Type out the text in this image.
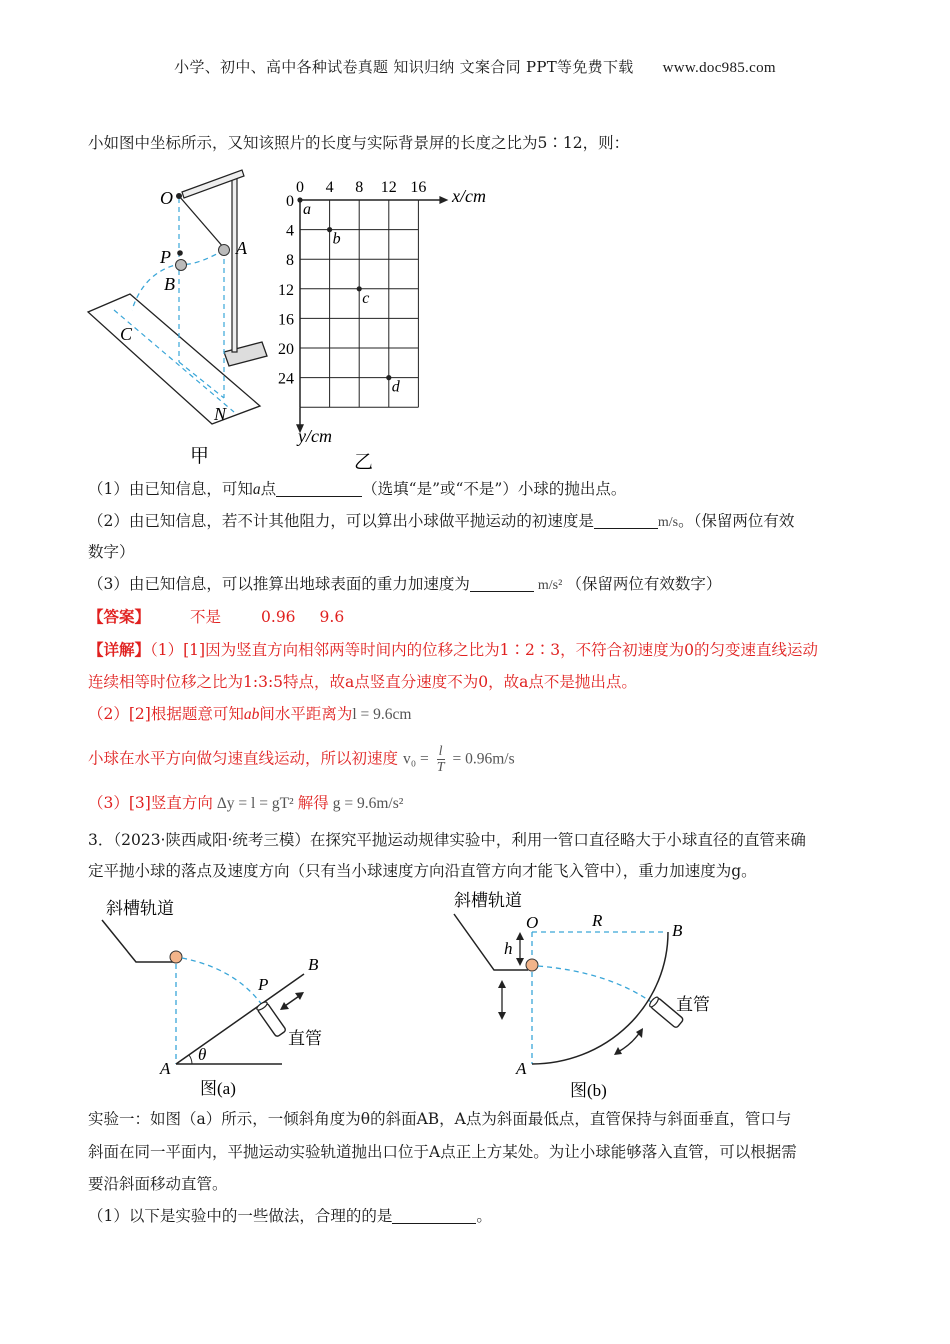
小学、初中、高中各种试卷真题 知识归纳 文案合同 PPT等免费下载 www.doc985.com
小如图中坐标所示，又知该照片的长度与实际背景屏的长度之比为5∶12，则：
O
P
B
A
C
N
甲
0 4 8 12 16
4
8
12
16
20
24
0 a
b
c
d
x/cm
y/cm
乙
（1）由已知信息，可知a点	（选填“是”或“不是”）小球的抛出点。
（2）由已知信息，若不计其他阻力，可以算出小球做平抛运动的初速度是	m/s。（保留两位有效
数字）
（3）由已知信息，可以推算出地球表面的重力加速度为	m/s² （保留两位有效数字）
【答案】	不是	0.96 9.6
【详解】（1）[1]因为竖直方向相邻两等时间内的位移之比为1∶2∶3，不符合初速度为0的匀变速直线运动
连续相等时位移之比为1:3:5特点，故a点竖直分速度不为0，故a点不是抛出点。
（2）[2]根据题意可知ab间水平距离为l = 9.6cm
小球在水平方向做匀速直线运动，所以初速度 $v_0 = \frac{l}{T} = 0.96m/s$
（3）[3]竖直方向 Δy = l = gT² 解得 g = 9.6m/s²
3．（2023·陕西咸阳·统考三模）在探究平抛运动规律实验中，利用一管口直径略大于小球直径的直管来确
定平抛小球的落点及速度方向（只有当小球速度方向沿直管方向才能飞入管中），重力加速度为g。
斜槽轨道
P
B
A
θ
直管
图(a)
斜槽轨道
O	R
B
h
A
直管
图(b)
实验一：如图（a）所示，一倾斜角度为θ的斜面AB，A点为斜面最低点，直管保持与斜面垂直，管口与
斜面在同一平面内，平抛运动实验轨道抛出口位于A点正上方某处。为让小球能够落入直管，可以根据需
要沿斜面移动直管。
（1）以下是实验中的一些做法，合理的的是	。
